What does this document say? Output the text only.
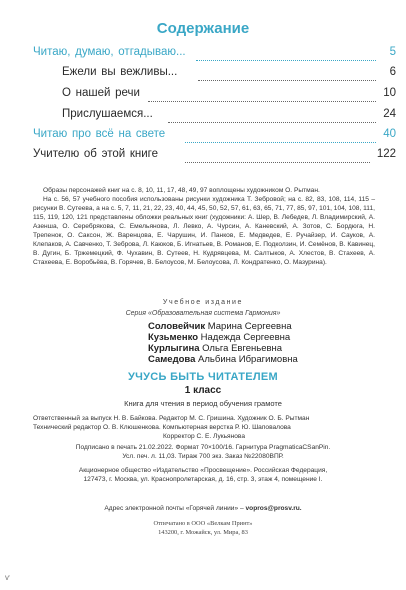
Содержание
Читаю, думаю, отгадываю...	5
Ежели вы вежливы...	6
О нашей речи	10
Прислушаемся...	24
Читаю про всё на свете	40
Учителю об этой книге	122

Образы персонажей книг на с. 8, 10, 11, 17, 48, 49, 97 воплощены художником О. Рытман.

На с. 56, 57 учебного пособия использованы рисунки художника Т. Зебровой; на с. 82, 83, 108, 114, 115 – рисунки В. Сутеева, а на с. 5, 7, 11, 21, 22, 23, 40, 44, 45, 50, 52, 57, 61, 63, 65, 71, 77, 85, 97, 101, 104, 108, 111, 115, 119, 120, 121 представлены обложки реальных книг (художники: А. Шер, В. Лебедев, Л. Владимирский, А. Азенша, О. Серебрякова, С. Емельянова, Л. Левко, А. Чурсин, А. Каневский, А. Зотов, С. Бордюга, Н. Трепенок, О. Саксон, Ж. Варенцова, Е. Чарушин, И. Панков, Е. Медведев, Е. Ручайзер, И. Сауков, А. Клепаков, А. Савченко, Т. Зеброва, Л. Каюков, Б. Игнатьев, В. Романов, Е. Подколзин, И. Семёнов, В. Кавинец, В. Дугин, Б. Тржемецкий, Ф. Чухавин, В. Сутеев, Н. Кудрявцева, М. Салтыков, А. Хлестов, В. Стахеев, А. Стахеева, Е. Воробьёва, В. Горячев, В. Белоусов, М. Белоусова, Л. Кондратенко, О. Мазурина).

Учебное издание
Серия «Образовательная система Гармония»
Соловейчик Марина Сергеевна
Кузьменко Надежда Сергеевна
Курлыгина Ольга Евгеньевна
Самедова Альбина Ибрагимовна
УЧУСЬ БЫТЬ ЧИТАТЕЛЕМ
1 класс
Книга для чтения в период обучения грамоте

Ответственный за выпуск Н. В. Байкова. Редактор М. С. Гришина. Художник О. Б. Рытман

Технический редактор О. В. Клюшенкова. Компьютерная верстка Р. Ю. Шаповалова

Корректор С. Е. Лукьянова

Подписано в печать 21.02.2022. Формат 70×100/16. Гарнитура PragmaticaCSanPin.

Усл. печ. л. 11,03. Тираж 700 экз. Заказ №22080ВПР.

Акционерное общество «Издательство «Просвещение». Российская Федерация,

127473, г. Москва, ул. Краснопролетарская, д. 16, стр. 3, этаж 4, помещение I.

Адрес электронной почты «Горячей линии» – vopros@prosv.ru.

Отпечатано в ООО «Велкам Принт»

143200, г. Можайск, ул. Мира, 83

ѵ
